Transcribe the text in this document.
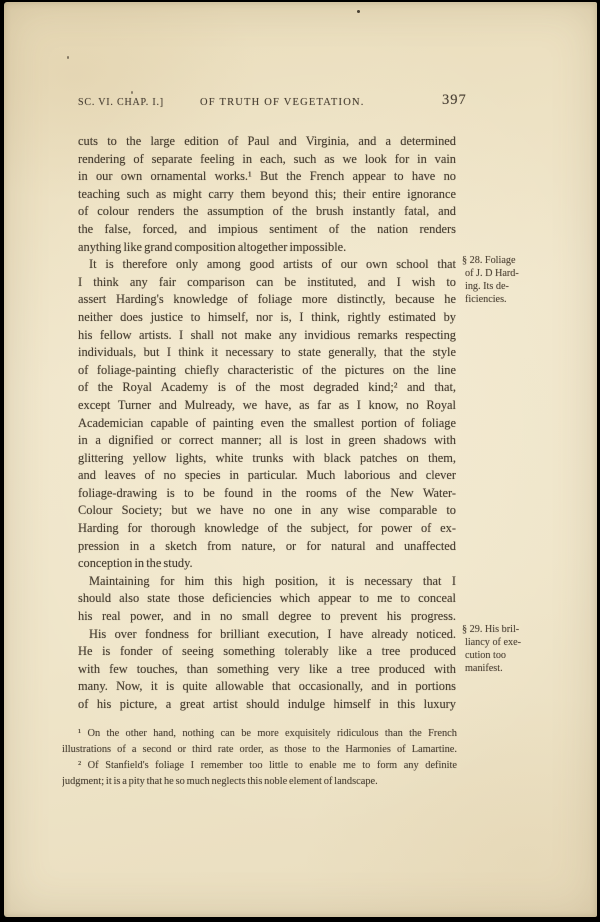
SC. VI. CHAP. I.]	OF TRUTH OF VEGETATION.	397
cuts to the large edition of Paul and Virginia, and a determined
rendering of separate feeling in each, such as we look for in vain
in our own ornamental works.¹ But the French appear to have no
teaching such as might carry them beyond this; their entire ignorance
of colour renders the assumption of the brush instantly fatal, and
the false, forced, and impious sentiment of the nation renders
anything like grand composition altogether impossible.
It is therefore only among good artists of our own school that
I think any fair comparison can be instituted, and I wish to
assert Harding's knowledge of foliage more distinctly, because he
neither does justice to himself, nor is, I think, rightly estimated by
his fellow artists. I shall not make any invidious remarks respecting
individuals, but I think it necessary to state generally, that the style
of foliage-painting chiefly characteristic of the pictures on the line
of the Royal Academy is of the most degraded kind;² and that,
except Turner and Mulready, we have, as far as I know, no Royal
Academician capable of painting even the smallest portion of foliage
in a dignified or correct manner; all is lost in green shadows with
glittering yellow lights, white trunks with black patches on them,
and leaves of no species in particular. Much laborious and clever
foliage-drawing is to be found in the rooms of the New Water-
Colour Society; but we have no one in any wise comparable to
Harding for thorough knowledge of the subject, for power of ex-
pression in a sketch from nature, or for natural and unaffected
conception in the study.
Maintaining for him this high position, it is necessary that I
should also state those deficiencies which appear to me to conceal
his real power, and in no small degree to prevent his progress.
His over fondness for brilliant execution, I have already noticed.
He is fonder of seeing something tolerably like a tree produced
with few touches, than something very like a tree produced with
many. Now, it is quite allowable that occasionally, and in portions
of his picture, a great artist should indulge himself in this luxury
§ 28. Foliage
of J. D Hard-
ing. Its de-
ficiencies.
§ 29. His bril-
liancy of exe-
cution too
manifest.
¹ On the other hand, nothing can be more exquisitely ridiculous than the French
illustrations of a second or third rate order, as those to the Harmonies of Lamartine.
² Of Stanfield's foliage I remember too little to enable me to form any definite
judgment; it is a pity that he so much neglects this noble element of landscape.
